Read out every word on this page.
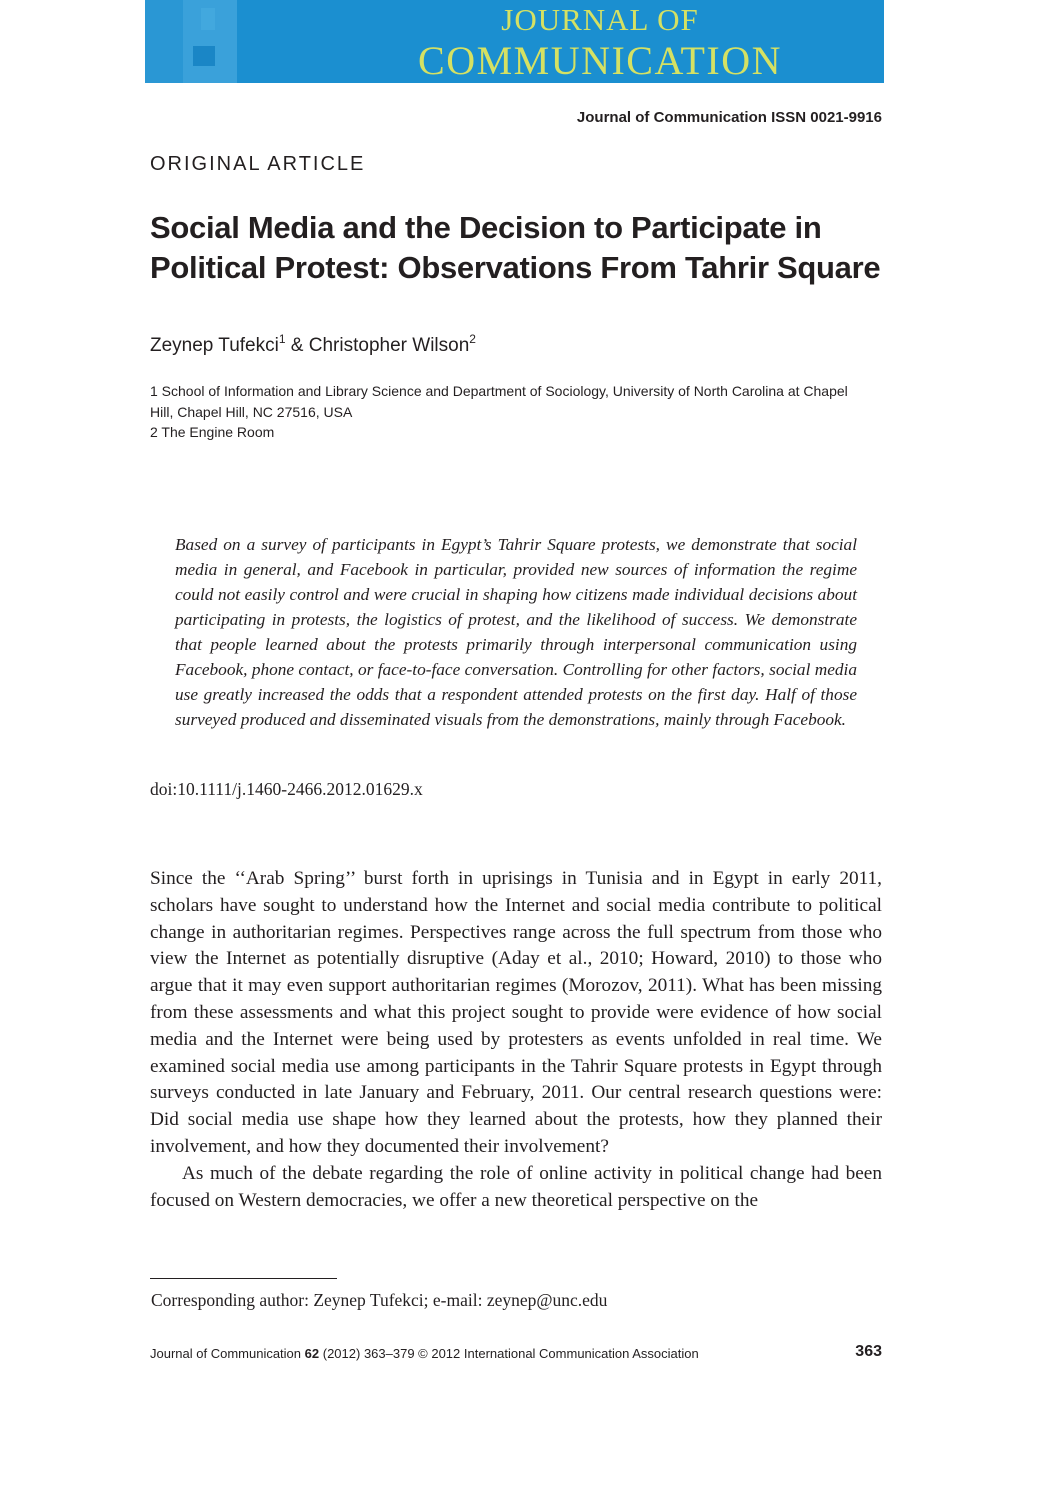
JOURNAL OF
COMMUNICATION
Journal of Communication ISSN 0021-9916
ORIGINAL ARTICLE
Social Media and the Decision to Participate in Political Protest: Observations From Tahrir Square
Zeynep Tufekci$^1$ & Christopher Wilson$^2$
1 School of Information and Library Science and Department of Sociology, University of North Carolina at Chapel Hill, Chapel Hill, NC 27516, USA
2 The Engine Room

Based on a survey of participants in Egypt’s Tahrir Square protests, we demonstrate that social media in general, and Facebook in particular, provided new sources of information the regime could not easily control and were crucial in shaping how citizens made individual decisions about participating in protests, the logistics of protest, and the likelihood of success. We demonstrate that people learned about the protests primarily through interpersonal communication using Facebook, phone contact, or face-to-face conversation. Controlling for other factors, social media use greatly increased the odds that a respondent attended protests on the first day. Half of those surveyed produced and disseminated visuals from the demonstrations, mainly through Facebook.

doi:10.1111/j.1460-2466.2012.01629.x

Since the ‘‘Arab Spring’’ burst forth in uprisings in Tunisia and in Egypt in early 2011, scholars have sought to understand how the Internet and social media contribute to political change in authoritarian regimes. Perspectives range across the full spectrum from those who view the Internet as potentially disruptive (Aday et al., 2010; Howard, 2010) to those who argue that it may even support authoritarian regimes (Morozov, 2011). What has been missing from these assessments and what this project sought to provide were evidence of how social media and the Internet were being used by protesters as events unfolded in real time. We examined social media use among participants in the Tahrir Square protests in Egypt through surveys conducted in late January and February, 2011. Our central research questions were: Did social media use shape how they learned about the protests, how they planned their involvement, and how they documented their involvement?

As much of the debate regarding the role of online activity in political change had been focused on Western democracies, we offer a new theoretical perspective on the

Corresponding author: Zeynep Tufekci; e-mail: zeynep@unc.edu
Journal of Communication 62 (2012) 363–379 © 2012 International Communication Association	363
